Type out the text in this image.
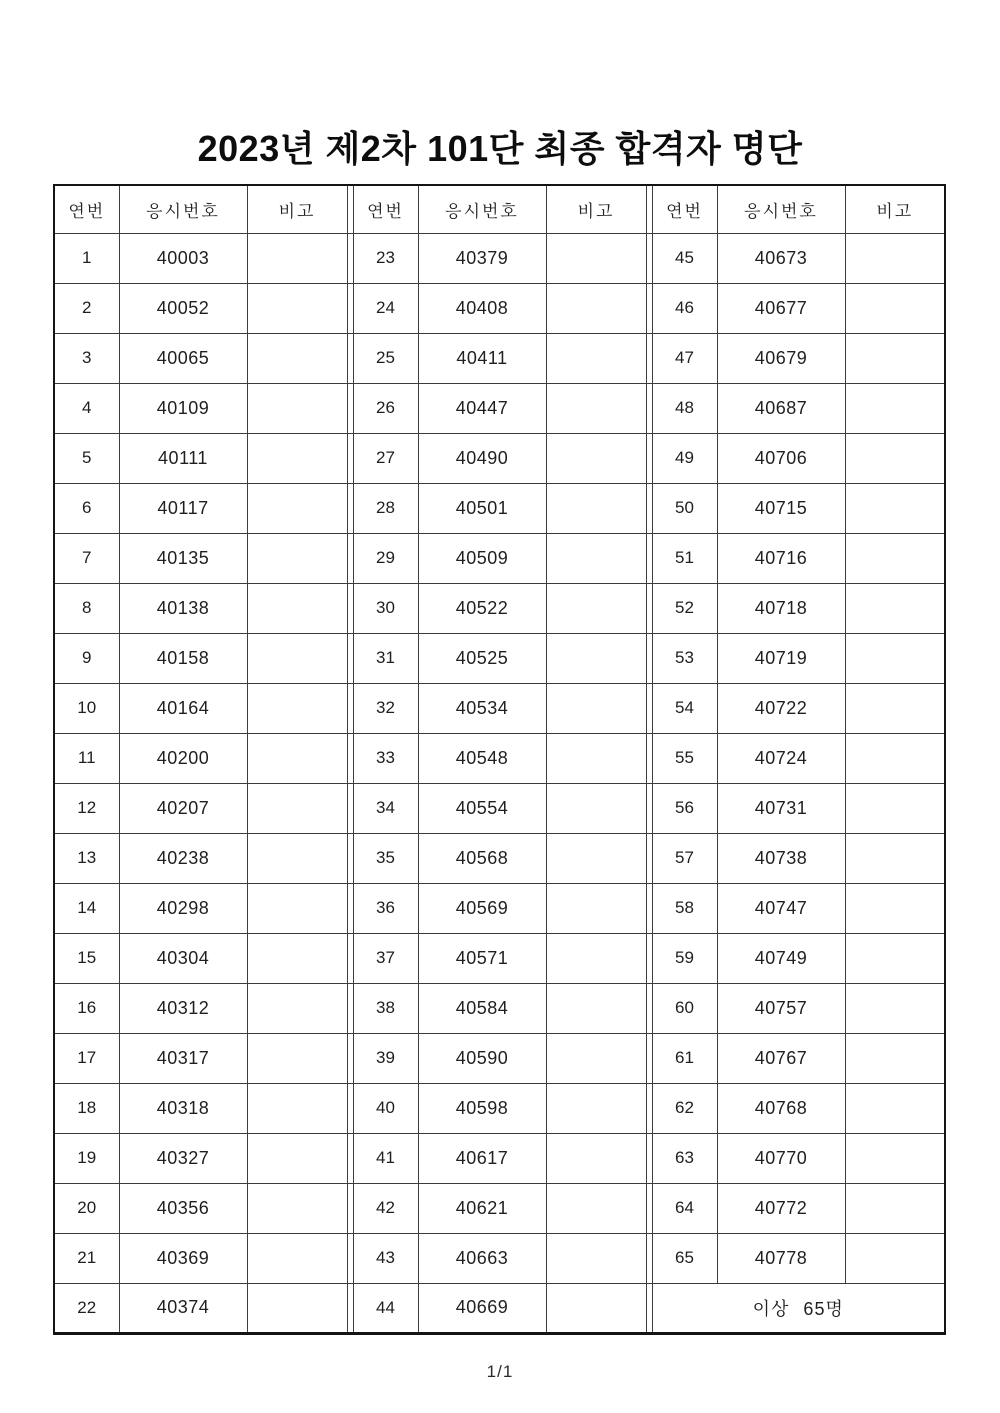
2023년 제2차 101단 최종 합격자 명단
연번	응시번호	비고		연번	응시번호	비고		연번	응시번호	비고
1	40003			23	40379			45	40673	
2	40052			24	40408			46	40677	
3	40065			25	40411			47	40679	
4	40109			26	40447			48	40687	
5	40111			27	40490			49	40706	
6	40117			28	40501			50	40715	
7	40135			29	40509			51	40716	
8	40138			30	40522			52	40718	
9	40158			31	40525			53	40719	
10	40164			32	40534			54	40722	
11	40200			33	40548			55	40724	
12	40207			34	40554			56	40731	
13	40238			35	40568			57	40738	
14	40298			36	40569			58	40747	
15	40304			37	40571			59	40749	
16	40312			38	40584			60	40757	
17	40317			39	40590			61	40767	
18	40318			40	40598			62	40768	
19	40327			41	40617			63	40770	
20	40356			42	40621			64	40772	
21	40369			43	40663			65	40778	
22	40374			44	40669			이상 65명		
1/1
